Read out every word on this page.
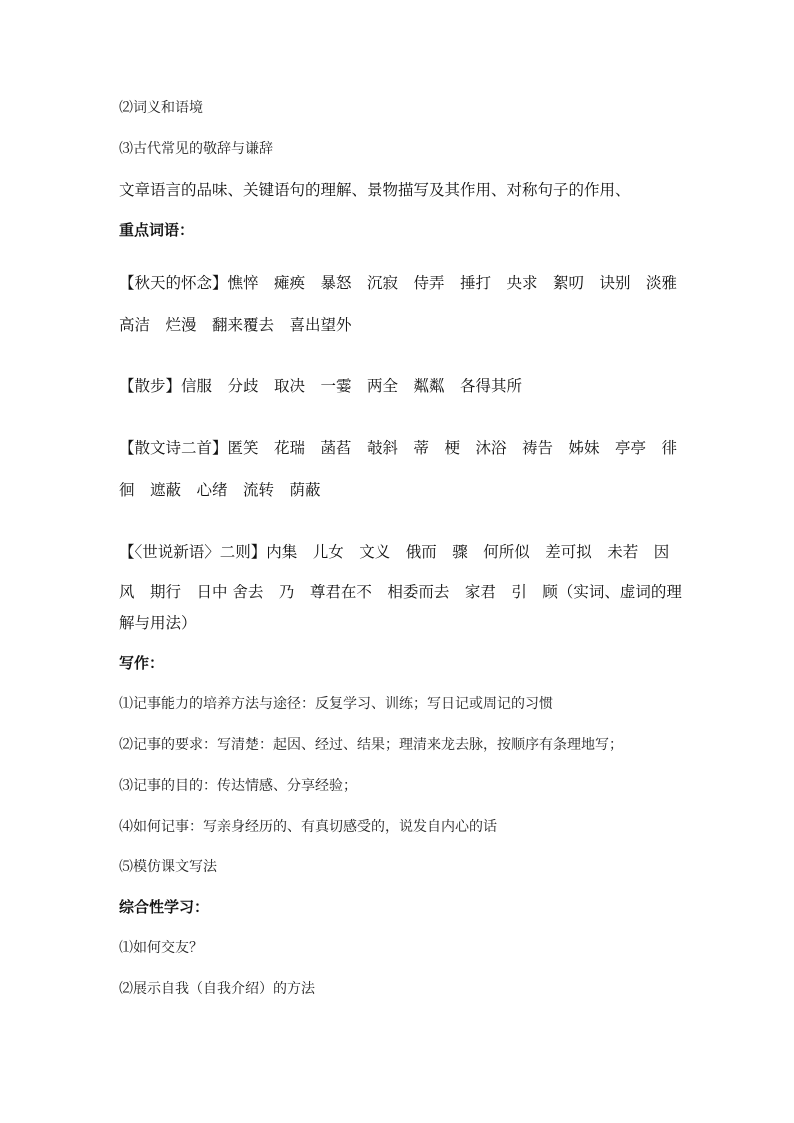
⑵词义和语境
⑶古代常见的敬辞与谦辞
文章语言的品味、关键语句的理解、景物描写及其作用、对称句子的作用、
重点词语：
【秋天的怀念】憔悴　瘫痪　暴怒　沉寂　侍弄　捶打　央求　絮叨　诀别　淡雅
高洁　烂漫　翻来覆去　喜出望外
【散步】信服　分歧　取决　一霎　两全　粼粼　各得其所
【散文诗二首】匿笑　花瑞　菡萏　攲斜　蒂　梗　沐浴　祷告　姊妹　亭亭　徘
徊　遮蔽　心绪　流转　荫蔽
【〈世说新语〉二则】内集　儿女　文义　俄而　骤　何所似　差可拟　未若　因
风　期行　日中 舍去　乃　尊君在不　相委而去　家君　引　顾（实词、虚词的理
解与用法）
写作：
⑴记事能力的培养方法与途径：反复学习、训练；写日记或周记的习惯
⑵记事的要求：写清楚：起因、经过、结果；理清来龙去脉，按顺序有条理地写；
⑶记事的目的：传达情感、分享经验；
⑷如何记事：写亲身经历的、有真切感受的，说发自内心的话
⑸模仿课文写法
综合性学习：
⑴如何交友？
⑵展示自我（自我介绍）的方法
